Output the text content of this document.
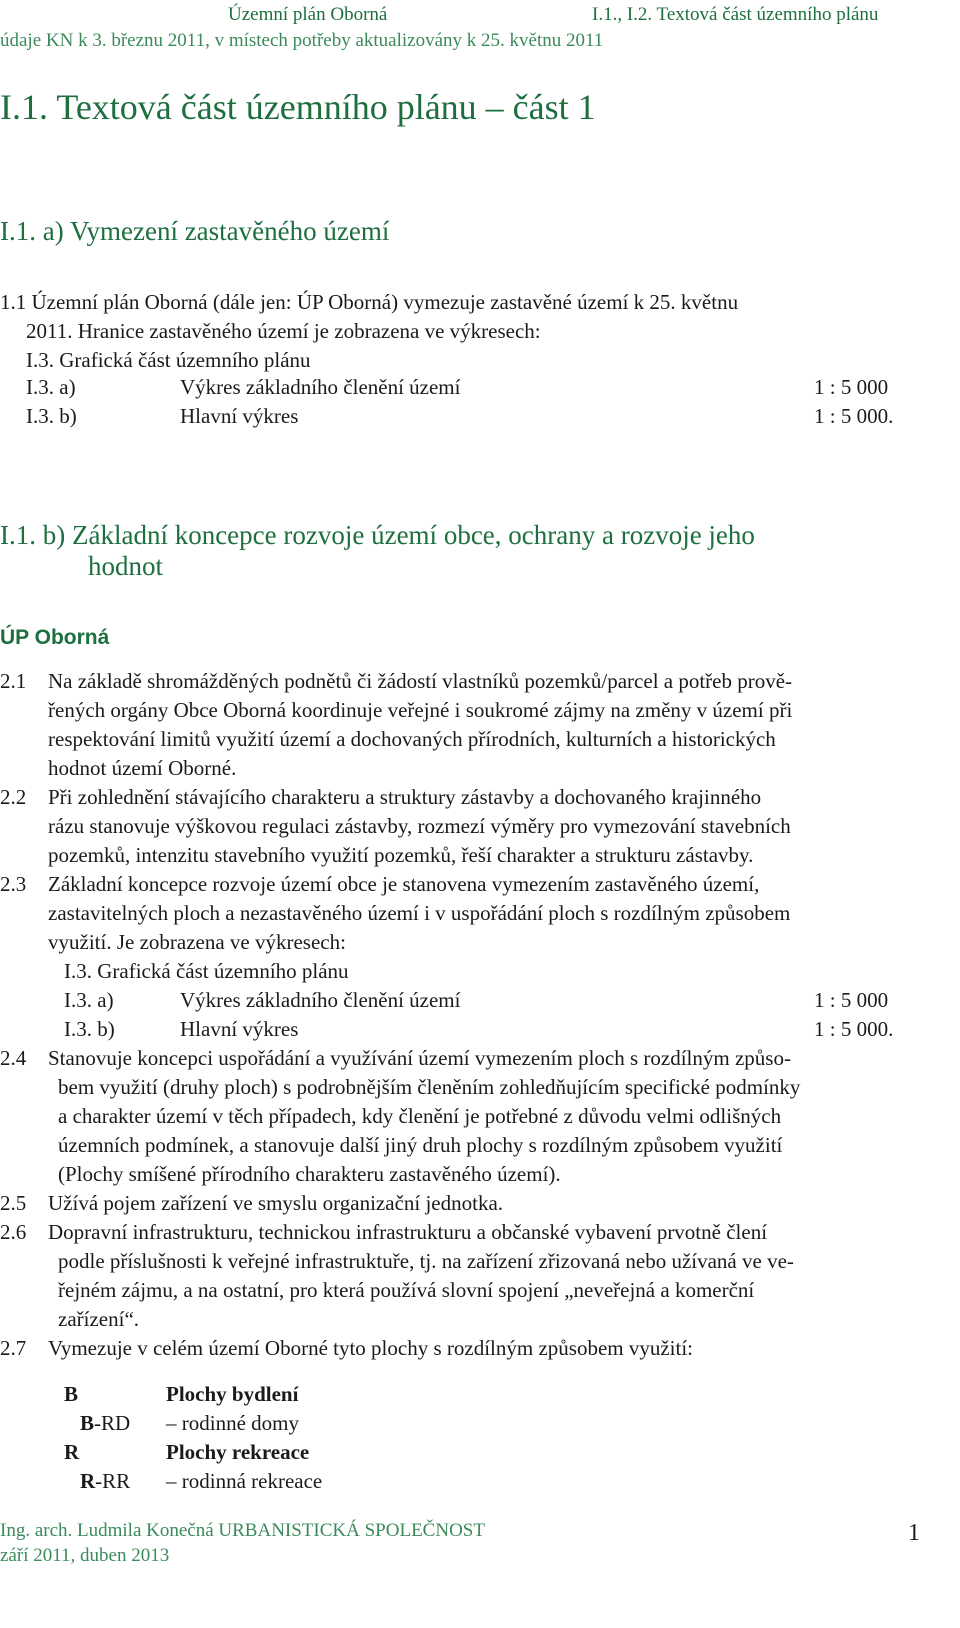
Územní plán Oborná	I.1., I.2. Textová část územního plánu
údaje KN k 3. březnu 2011, v místech potřeby aktualizovány k 25. květnu 2011
I.1. Textová část územního plánu – část 1
I.1. a) Vymezení zastavěného území
1.1 Územní plán Oborná (dále jen: ÚP Oborná) vymezuje zastavěné území k 25. květnu
2011. Hranice zastavěného území je zobrazena ve výkresech:
I.3. Grafická část územního plánu
I.3. a)	Výkres základního členění území	1 : 5 000
I.3. b)	Hlavní výkres	1 : 5 000.
I.1. b) Základní koncepce rozvoje území obce, ochrany a rozvoje jeho
hodnot
ÚP Oborná
2.1 Na základě shromážděných podnětů či žádostí vlastníků pozemků/parcel a potřeb prově-
řených orgány Obce Oborná koordinuje veřejné i soukromé zájmy na změny v území při
respektování limitů využití území a dochovaných přírodních, kulturních a historických
hodnot území Oborné.
2.2 Při zohlednění stávajícího charakteru a struktury zástavby a dochovaného krajinného
rázu stanovuje výškovou regulaci zástavby, rozmezí výměry pro vymezování stavebních
pozemků, intenzitu stavebního využití pozemků, řeší charakter a strukturu zástavby.
2.3 Základní koncepce rozvoje území obce je stanovena vymezením zastavěného území,
zastavitelných ploch a nezastavěného území i v uspořádání ploch s rozdílným způsobem
využití. Je zobrazena ve výkresech:
I.3. Grafická část územního plánu
I.3. a)	Výkres základního členění území	1 : 5 000
I.3. b)	Hlavní výkres	1 : 5 000.
2.4 Stanovuje koncepci uspořádání a využívání území vymezením ploch s rozdílným způso-
bem využití (druhy ploch) s podrobnějším členěním zohledňujícím specifické podmínky
a charakter území v těch případech, kdy členění je potřebné z důvodu velmi odlišných
územních podmínek, a stanovuje další jiný druh plochy s rozdílným způsobem využití
(Plochy smíšené přírodního charakteru zastavěného území).
2.5 Užívá pojem zařízení ve smyslu organizační jednotka.
2.6 Dopravní infrastrukturu, technickou infrastrukturu a občanské vybavení prvotně člení
podle příslušnosti k veřejné infrastruktuře, tj. na zařízení zřizovaná nebo užívaná ve ve-
řejném zájmu, a na ostatní, pro která používá slovní spojení „neveřejná a komerční
zařízení“.
2.7 Vymezuje v celém území Oborné tyto plochy s rozdílným způsobem využití:
B	Plochy bydlení
B-RD – rodinné domy
R	Plochy rekreace
R-RR – rodinná rekreace
Ing. arch. Ludmila Konečná URBANISTICKÁ SPOLEČNOST
září 2011, duben 2013
1
